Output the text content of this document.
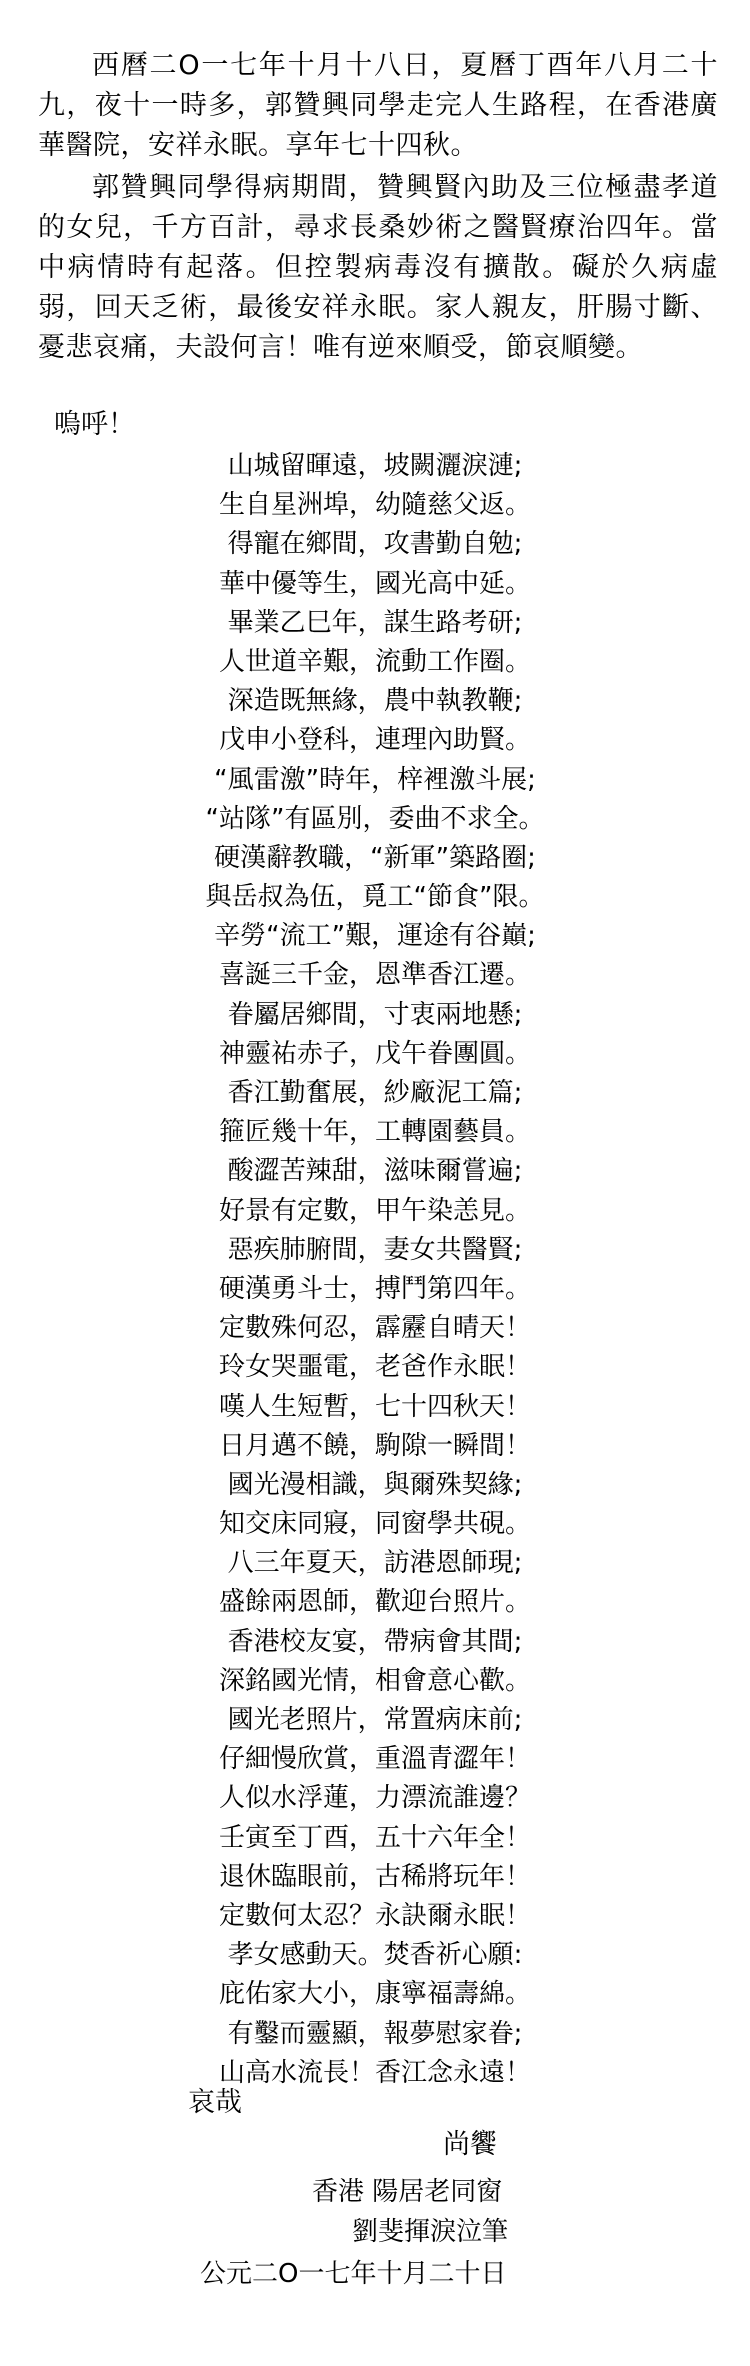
西曆二O一七年十月十八日，夏曆丁酉年八月二十九，夜十一時多，郭贊興同學走完人生路程，在香港廣華醫院，安祥永眠。享年七十四秋。

郭贊興同學得病期間，贊興賢內助及三位極盡孝道的女兒，千方百計，尋求長桑妙術之醫賢療治四年。當中病情時有起落。但控製病毒沒有擴散。礙於久病虛弱，回天乏術，最後安祥永眠。家人親友，肝腸寸斷、憂悲哀痛，夫設何言！唯有逆來順受，節哀順變。

嗚呼！
山城留暉遠，坡闕灑淚漣;
生自星洲埠，幼隨慈父返。
得寵在鄉間，攻書勤自勉;
華中優等生，國光高中延。
畢業乙巳年，謀生路考研;
人世道辛艱，流動工作圈。
深造既無緣，農中執教鞭;
戊申小登科，連理內助賢。
“風雷激”時年，梓裡激斗展;
“站隊”有區別，委曲不求全。
硬漢辭教職，“新軍”築路圈;
與岳叔為伍，覓工“節食”限。
辛勞“流工”艱，運途有谷巔;
喜誕三千金，恩準香江遷。
眷屬居鄉間，寸衷兩地懸;
神靈祐赤子，戊午眷團圓。
香江勤奮展，紗廠泥工篇;
箍匠幾十年，工轉園藝員。
酸澀苦辣甜，滋味爾嘗遍;
好景有定數，甲午染恙見。
惡疾肺腑間，妻女共醫賢;
硬漢勇斗士，搏鬥第四年。
定數殊何忍，霹靂自晴天！
玲女哭噩電，老爸作永眠！
嘆人生短暫，七十四秋天！
日月邁不饒，駒隙一瞬間！
國光漫相識，與爾殊契緣;
知交床同寢，同窗學共硯。
八三年夏天，訪港恩師現;
盛餘兩恩師，歡迎台照片。
香港校友宴，帶病會其間;
深銘國光情，相會意心歡。
國光老照片，常置病床前;
仔細慢欣賞，重溫青澀年！
人似水浮蓮，力漂流誰邊？
壬寅至丁酉，五十六年全！
退休臨眼前，古稀將玩年！
定數何太忍？永訣爾永眠！
孝女感動天。焚香祈心願:
庇佑家大小，康寧福壽綿。
有鑿而靈顯，報夢慰家眷;
山高水流長！香江念永遠！
哀哉
尚饗
香港 陽居老同窗
劉斐揮淚泣筆
公元二O一七年十月二十日
